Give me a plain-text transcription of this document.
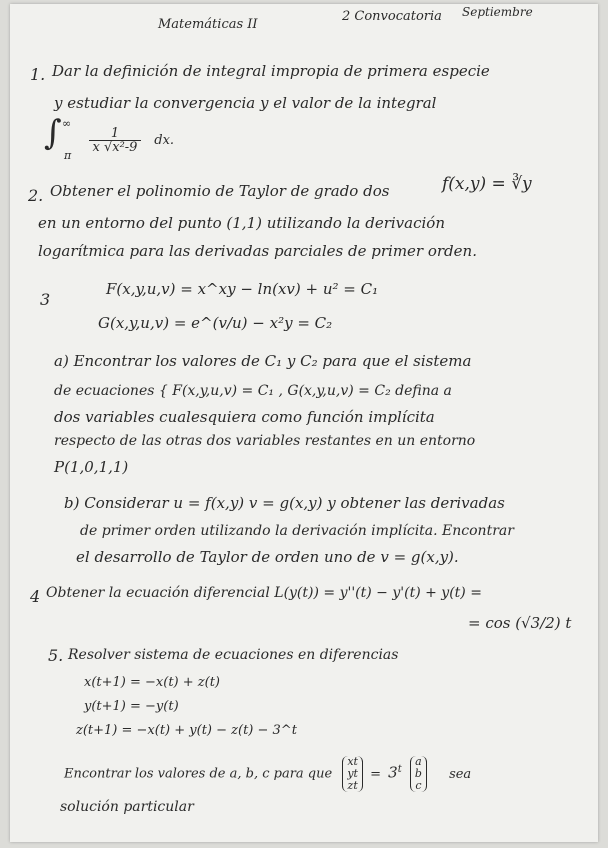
Matemáticas II
2 Convocatoria Septiembre
1. Dar la definición de integral impropia de primera especie
y estudiar la convergencia y el valor de la integral
∫ ∞
π
$\frac{1}{\text{x √x²-9}}$ dx.
2. Obtener el polinomio de Taylor de grado dos	f(x,y) = ∛y
en un entorno del punto (1,1) utilizando la derivación
logarítmica para las derivadas parciales de primer orden.
3
F(x,y,u,v) = x^xy − ln(xv) + u² = C₁
G(x,y,u,v) = e^(v/u) − x²y = C₂
a) Encontrar los valores de C₁ y C₂ para que el sistema
de ecuaciones { F(x,y,u,v) = C₁ , G(x,y,u,v) = C₂ defina a
dos variables cualesquiera como función implícita
respecto de las otras dos variables restantes en un entorno
P(1,0,1,1)
b) Considerar u = f(x,y) v = g(x,y) y obtener las derivadas
de primer orden utilizando la derivación implícita. Encontrar
el desarrollo de Taylor de orden uno de v = g(x,y).
4 Obtener la ecuación diferencial L(y(t)) = y''(t) − y'(t) + y(t) =
= cos (√3/2) t
5. Resolver sistema de ecuaciones en diferencias
x(t+1) = −x(t) + z(t)
y(t+1) = −y(t)
z(t+1) = −x(t) + y(t) − z(t) − 3^t
Encontrar los valores de a, b, c para que
xt
yt
zt
= $3^t$
a
b
c
sea
solución particular
